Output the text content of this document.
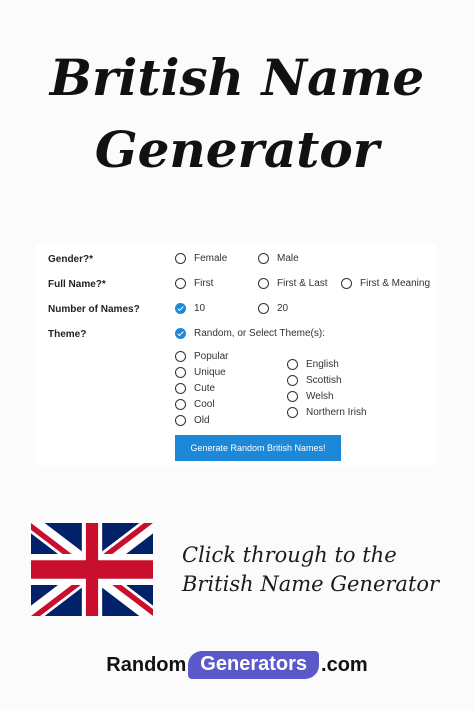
British Name
Generator
Gender?*	Female	Male
Full Name?*	First	First & Last	First & Meaning
Number of Names?	10	20
Theme?	Random, or Select Theme(s):
Popular
Unique
Cute
Cool
Old
English
Scottish
Welsh
Northern Irish
Generate Random British Names!
Click through to the
British Name Generator
Random Generators .com
